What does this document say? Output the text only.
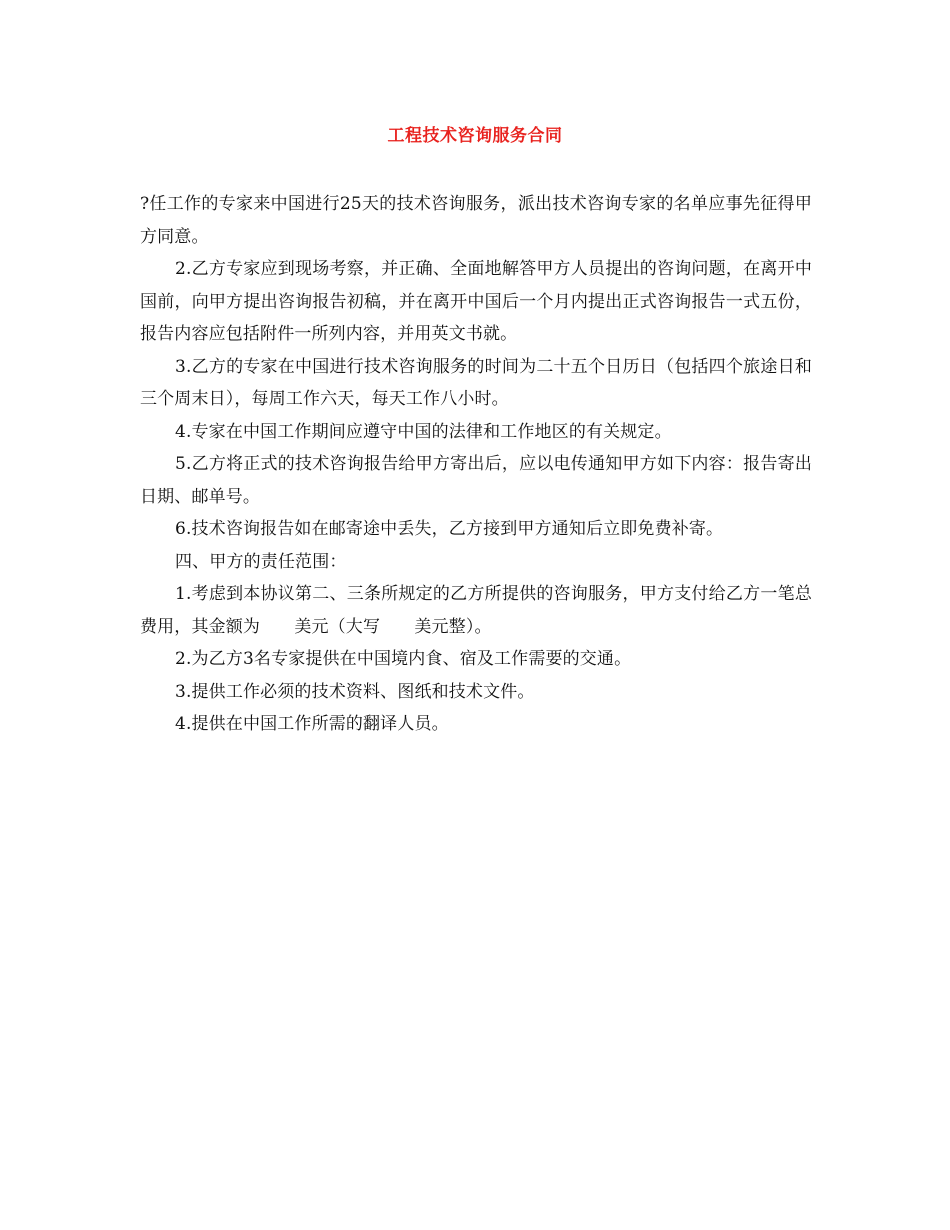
工程技术咨询服务合同

?任工作的专家来中国进行25天的技术咨询服务，派出技术咨询专家的名单应事先征得甲方同意。

2.乙方专家应到现场考察，并正确、全面地解答甲方人员提出的咨询问题，在离开中国前，向甲方提出咨询报告初稿，并在离开中国后一个月内提出正式咨询报告一式五份，报告内容应包括附件一所列内容，并用英文书就。

3.乙方的专家在中国进行技术咨询服务的时间为二十五个日历日（包括四个旅途日和三个周末日），每周工作六天，每天工作八小时。

4.专家在中国工作期间应遵守中国的法律和工作地区的有关规定。

5.乙方将正式的技术咨询报告给甲方寄出后，应以电传通知甲方如下内容：报告寄出日期、邮单号。

6.技术咨询报告如在邮寄途中丢失，乙方接到甲方通知后立即免费补寄。

四、甲方的责任范围：

1.考虑到本协议第二、三条所规定的乙方所提供的咨询服务，甲方支付给乙方一笔总费用，其金额为　　美元（大写　　美元整）。

2.为乙方3名专家提供在中国境内食、宿及工作需要的交通。

3.提供工作必须的技术资料、图纸和技术文件。

4.提供在中国工作所需的翻译人员。
